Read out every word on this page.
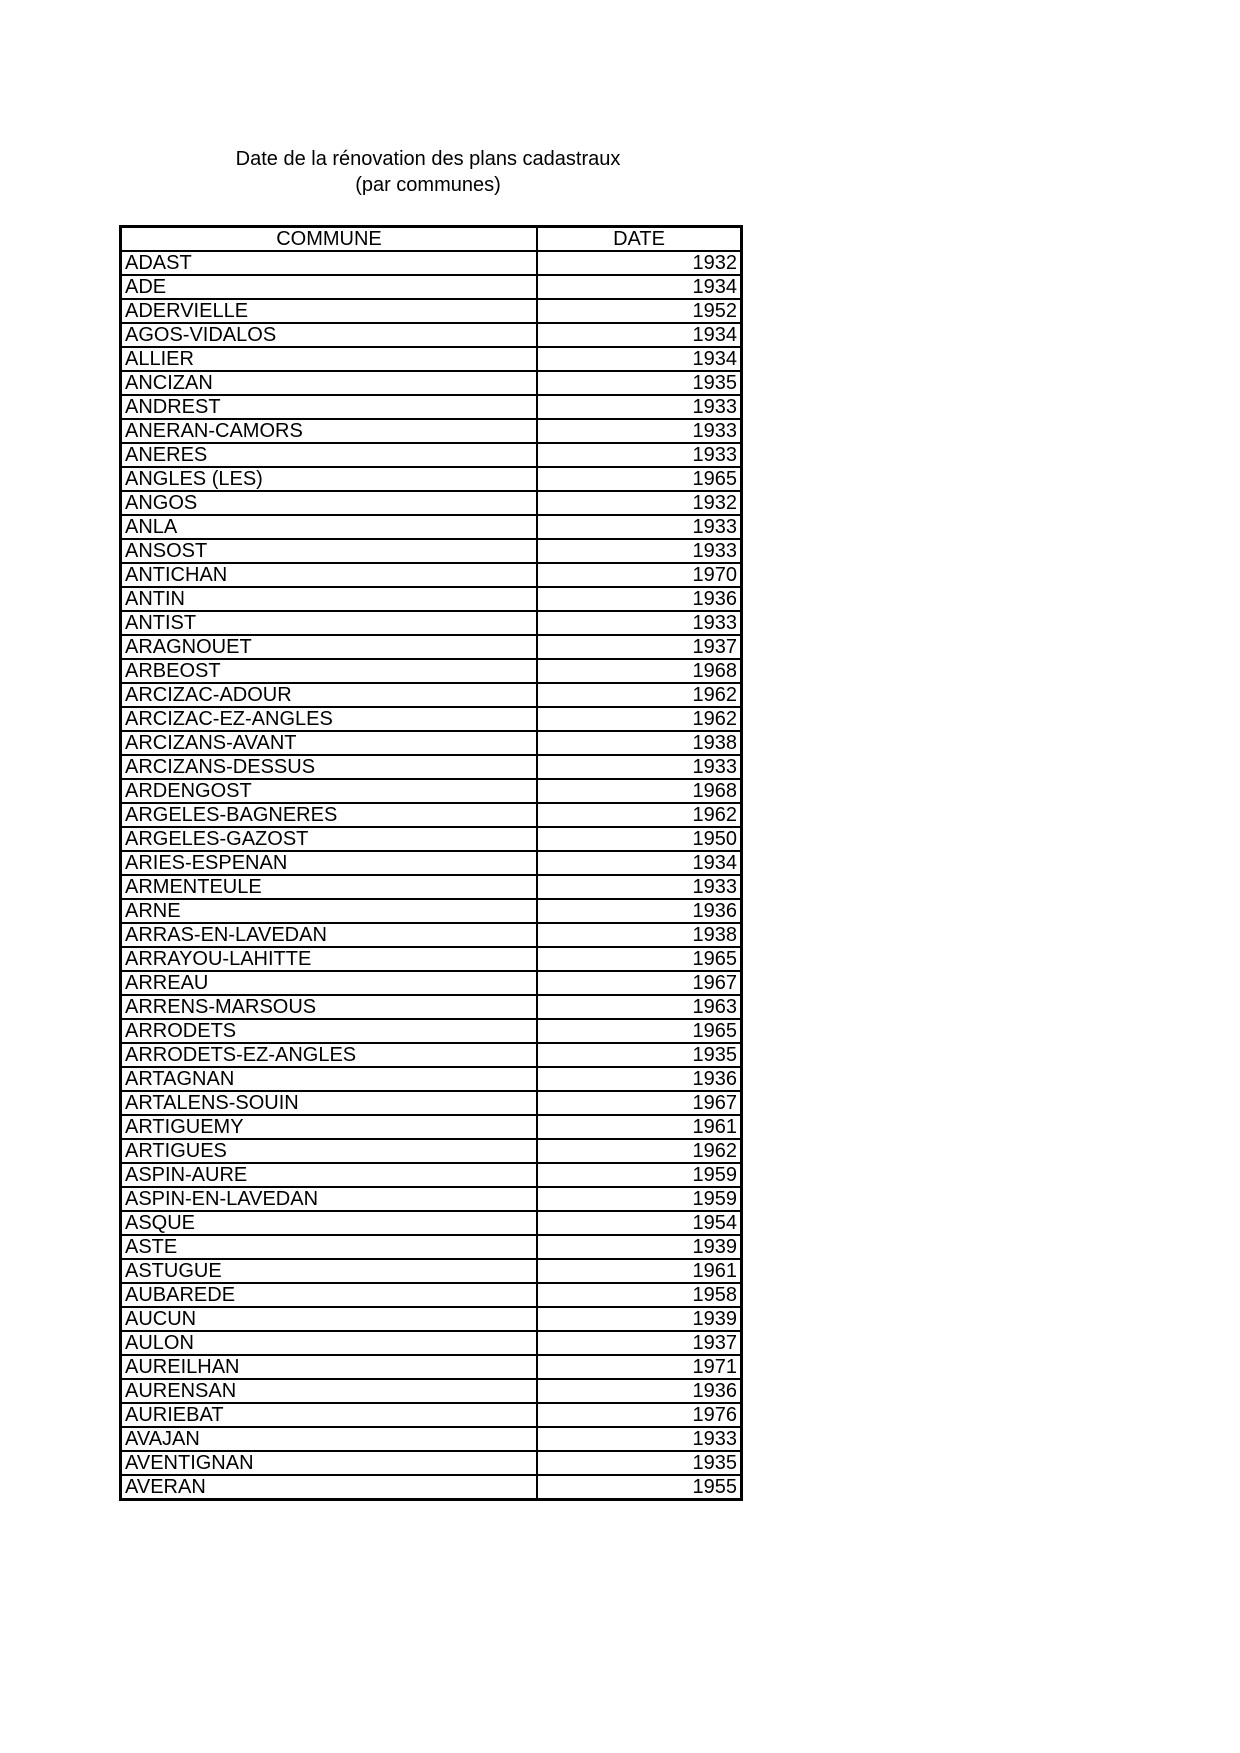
Date de la rénovation des plans cadastraux
(par communes)
COMMUNE	DATE
ADAST	1932
ADE	1934
ADERVIELLE	1952
AGOS-VIDALOS	1934
ALLIER	1934
ANCIZAN	1935
ANDREST	1933
ANERAN-CAMORS	1933
ANERES	1933
ANGLES (LES)	1965
ANGOS	1932
ANLA	1933
ANSOST	1933
ANTICHAN	1970
ANTIN	1936
ANTIST	1933
ARAGNOUET	1937
ARBEOST	1968
ARCIZAC-ADOUR	1962
ARCIZAC-EZ-ANGLES	1962
ARCIZANS-AVANT	1938
ARCIZANS-DESSUS	1933
ARDENGOST	1968
ARGELES-BAGNERES	1962
ARGELES-GAZOST	1950
ARIES-ESPENAN	1934
ARMENTEULE	1933
ARNE	1936
ARRAS-EN-LAVEDAN	1938
ARRAYOU-LAHITTE	1965
ARREAU	1967
ARRENS-MARSOUS	1963
ARRODETS	1965
ARRODETS-EZ-ANGLES	1935
ARTAGNAN	1936
ARTALENS-SOUIN	1967
ARTIGUEMY	1961
ARTIGUES	1962
ASPIN-AURE	1959
ASPIN-EN-LAVEDAN	1959
ASQUE	1954
ASTE	1939
ASTUGUE	1961
AUBAREDE	1958
AUCUN	1939
AULON	1937
AUREILHAN	1971
AURENSAN	1936
AURIEBAT	1976
AVAJAN	1933
AVENTIGNAN	1935
AVERAN	1955
